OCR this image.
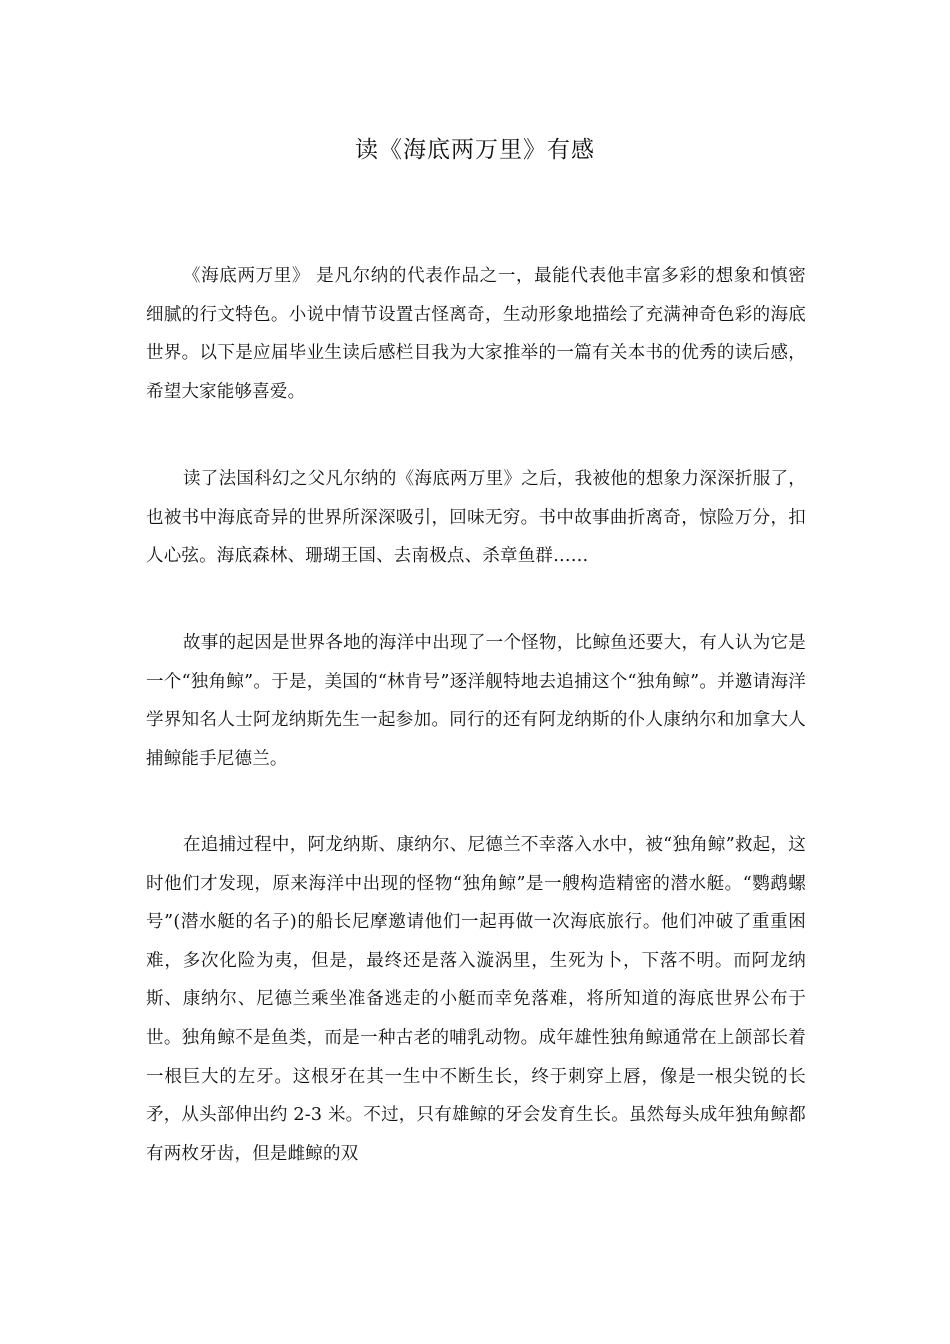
读《海底两万里》有感

《海底两万里》 是凡尔纳的代表作品之一，最能代表他丰富多彩的想象和慎密细腻的行文特色。小说中情节设置古怪离奇，生动形象地描绘了充满神奇色彩的海底世界。以下是应届毕业生读后感栏目我为大家推举的一篇有关本书的优秀的读后感，希望大家能够喜爱。

读了法国科幻之父凡尔纳的《海底两万里》之后，我被他的想象力深深折服了，也被书中海底奇异的世界所深深吸引，回味无穷。书中故事曲折离奇，惊险万分，扣人心弦。海底森林、珊瑚王国、去南极点、杀章鱼群……

故事的起因是世界各地的海洋中出现了一个怪物，比鲸鱼还要大，有人认为它是一个“独角鲸”。于是，美国的“林肯号”逐洋舰特地去追捕这个“独角鲸”。并邀请海洋学界知名人士阿龙纳斯先生一起参加。同行的还有阿龙纳斯的仆人康纳尔和加拿大人捕鲸能手尼德兰。

在追捕过程中，阿龙纳斯、康纳尔、尼德兰不幸落入水中，被“独角鲸”救起，这时他们才发现，原来海洋中出现的怪物“独角鲸”是一艘构造精密的潜水艇。“鹦鹉螺号”(潜水艇的名子)的船长尼摩邀请他们一起再做一次海底旅行。他们冲破了重重困难，多次化险为夷，但是，最终还是落入漩涡里，生死为卜，下落不明。而阿龙纳斯、康纳尔、尼德兰乘坐准备逃走的小艇而幸免落难，将所知道的海底世界公布于世。独角鲸不是鱼类，而是一种古老的哺乳动物。成年雄性独角鲸通常在上颌部长着一根巨大的左牙。这根牙在其一生中不断生长，终于刺穿上唇，像是一根尖锐的长矛，从头部伸出约 2-3 米。不过，只有雄鲸的牙会发育生长。虽然每头成年独角鲸都有两枚牙齿，但是雌鲸的双
